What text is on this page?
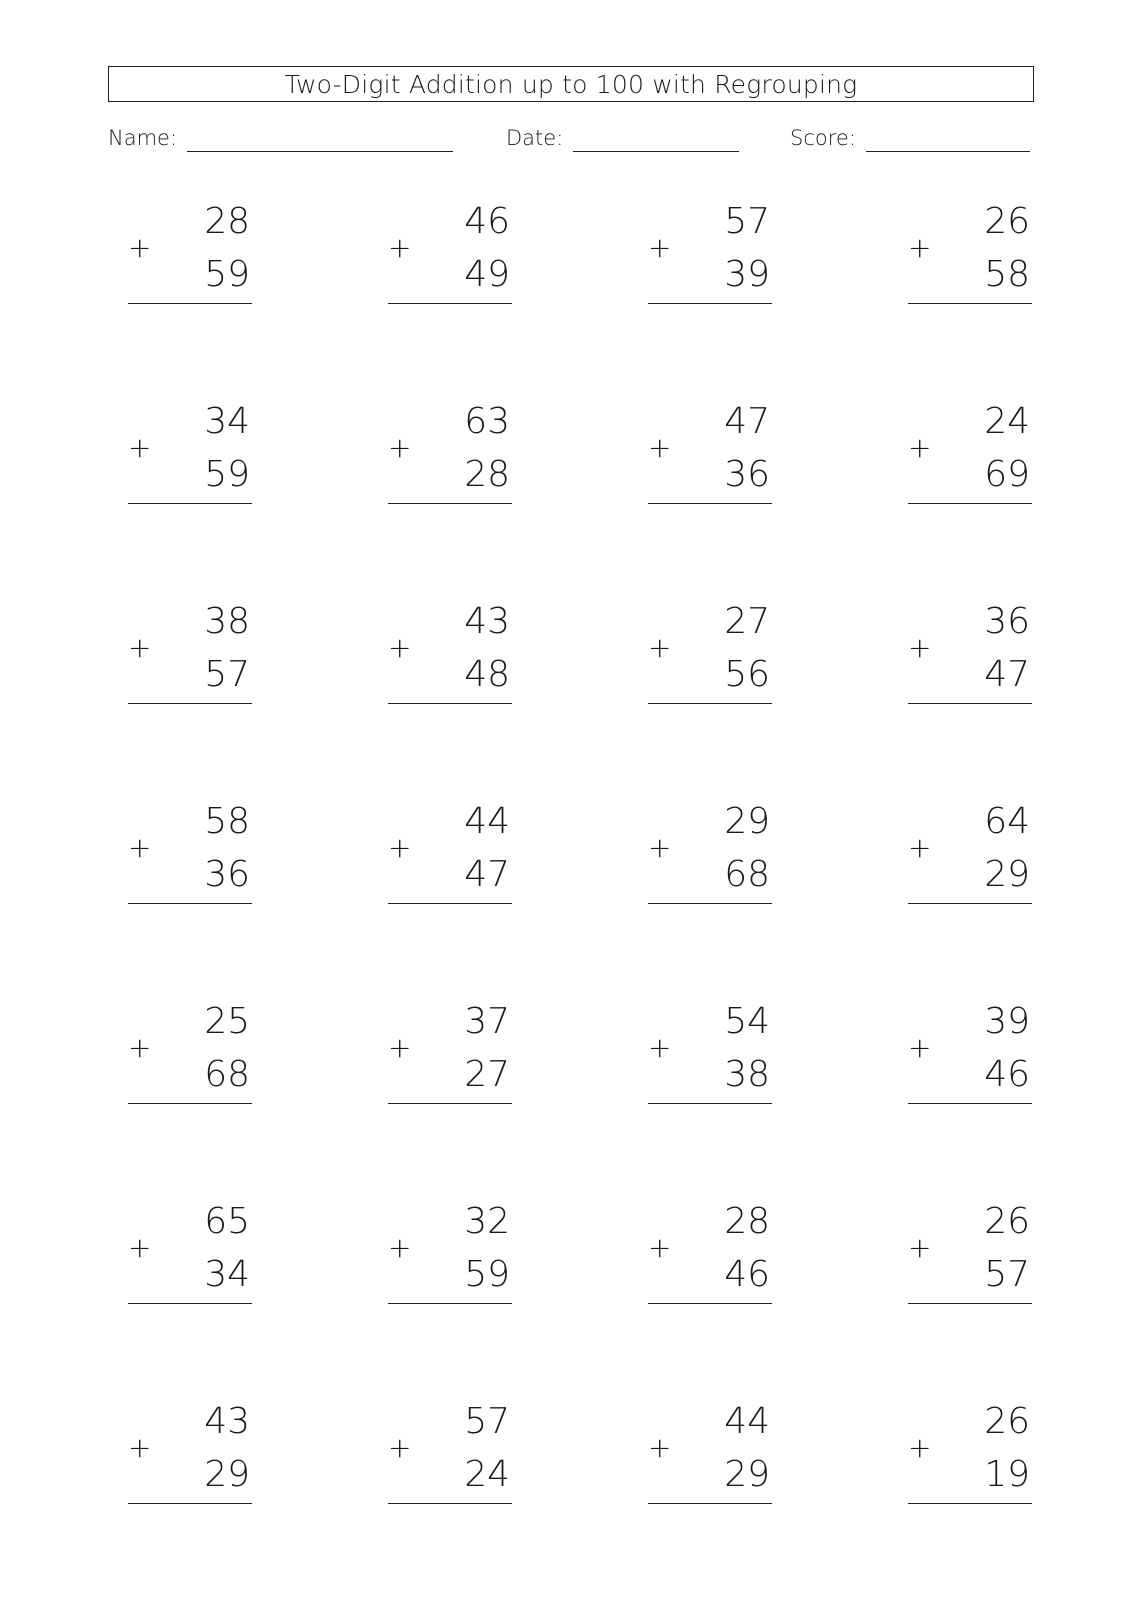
Two-Digit Addition up to 100 with Regrouping
Name:	Date:	Score:
28
+
59
46
+
49
57
+
39
26
+
58
34
+
59
63
+
28
47
+
36
24
+
69
38
+
57
43
+
48
27
+
56
36
+
47
58
+
36
44
+
47
29
+
68
64
+
29
25
+
68
37
+
27
54
+
38
39
+
46
65
+
34
32
+
59
28
+
46
26
+
57
43
+
29
57
+
24
44
+
29
26
+
19
